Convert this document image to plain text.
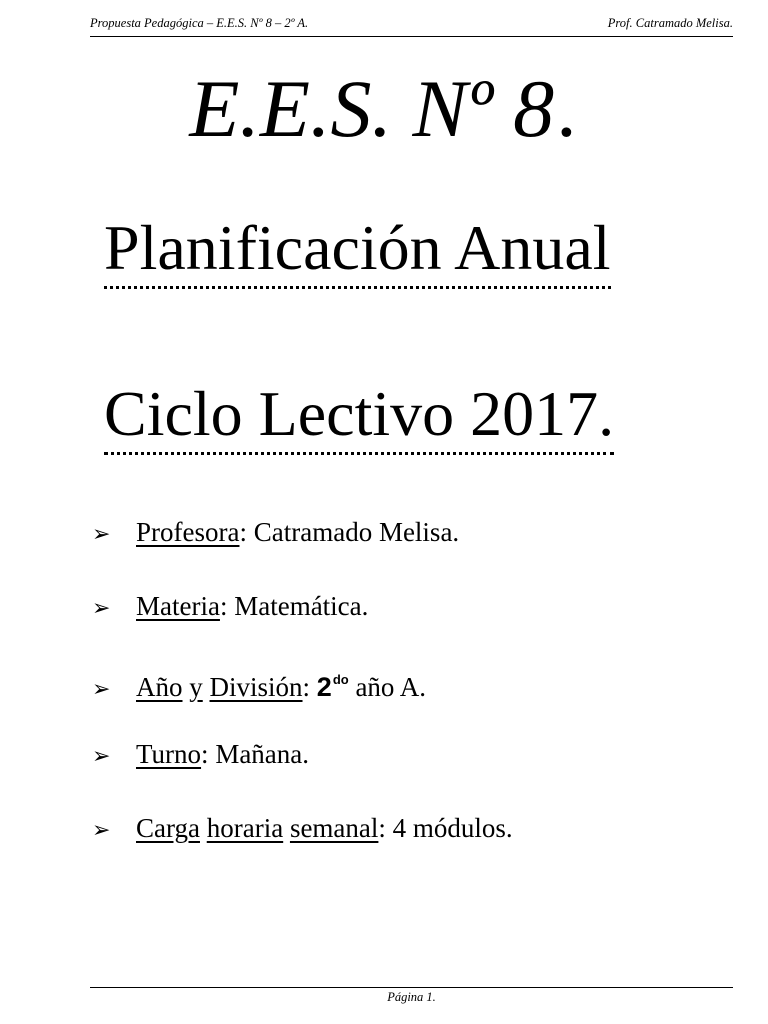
Propuesta Pedagógica – E.E.S. Nº 8 – 2º A.	Prof. Catramado Melisa.
E.E.S. Nº 8.
Planificación Anual
Ciclo Lectivo 2017.
➢ Profesora: Catramado Melisa.
➢ Materia: Matemática.
➢ Año y División: $2^{do}$ año A.
➢ Turno: Mañana.
➢ Carga horaria semanal: 4 módulos.
Página 1.
